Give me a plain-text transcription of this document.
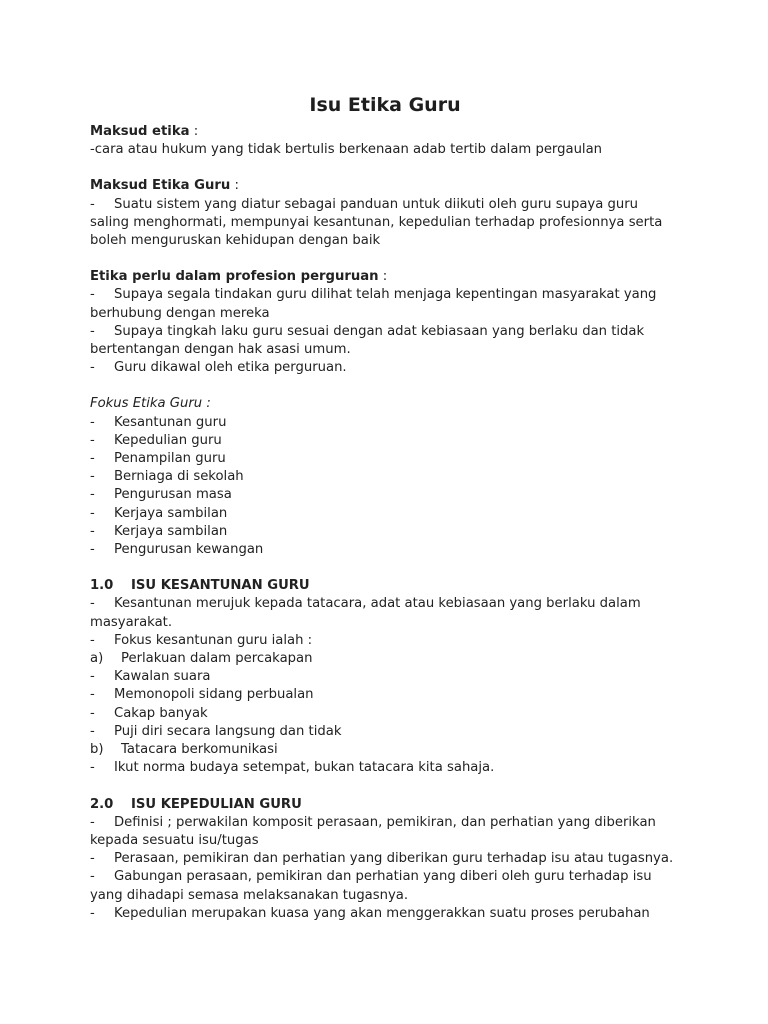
Isu Etika Guru

Maksud etika :

-cara atau hukum yang tidak bertulis berkenaan adab tertib dalam pergaulan

Maksud Etika Guru :

- Suatu sistem yang diatur sebagai panduan untuk diikuti oleh guru supaya guru saling menghormati, mempunyai kesantunan, kepedulian terhadap profesionnya serta boleh menguruskan kehidupan dengan baik

Etika perlu dalam profesion perguruan :

- Supaya segala tindakan guru dilihat telah menjaga kepentingan masyarakat yang berhubung dengan mereka

- Supaya tingkah laku guru sesuai dengan adat kebiasaan yang berlaku dan tidak bertentangan dengan hak asasi umum.

- Guru dikawal oleh etika perguruan.

Fokus Etika Guru :

- Kesantunan guru

- Kepedulian guru

- Penampilan guru

- Berniaga di sekolah

- Pengurusan masa

- Kerjaya sambilan

- Kerjaya sambilan

- Pengurusan kewangan

1.0 ISU KESANTUNAN GURU

- Kesantunan merujuk kepada tatacara, adat atau kebiasaan yang berlaku dalam masyarakat.

- Fokus kesantunan guru ialah :

a) Perlakuan dalam percakapan

- Kawalan suara

- Memonopoli sidang perbualan

- Cakap banyak

- Puji diri secara langsung dan tidak

b) Tatacara berkomunikasi

- Ikut norma budaya setempat, bukan tatacara kita sahaja.

2.0 ISU KEPEDULIAN GURU

- Definisi ; perwakilan komposit perasaan, pemikiran, dan perhatian yang diberikan kepada sesuatu isu/tugas

- Perasaan, pemikiran dan perhatian yang diberikan guru terhadap isu atau tugasnya.

- Gabungan perasaan, pemikiran dan perhatian yang diberi oleh guru terhadap isu yang dihadapi semasa melaksanakan tugasnya.

- Kepedulian merupakan kuasa yang akan menggerakkan suatu proses perubahan
